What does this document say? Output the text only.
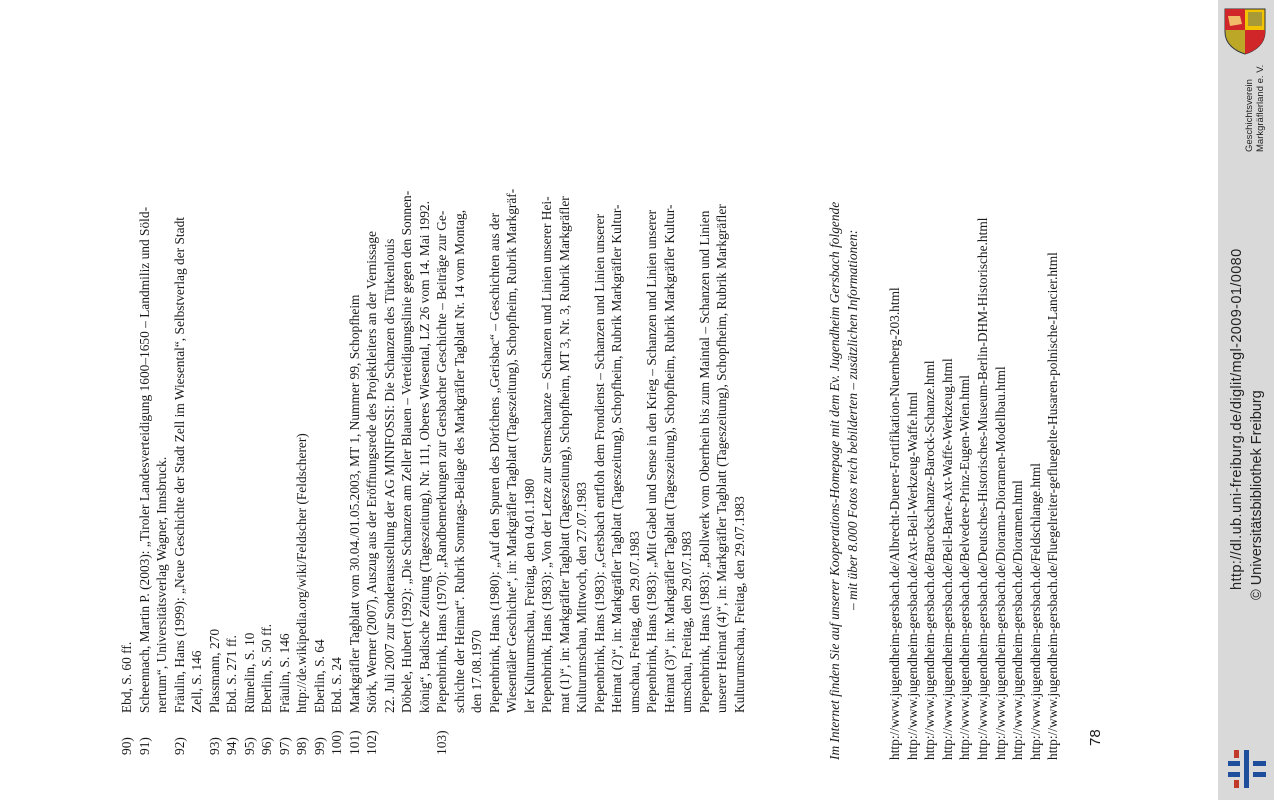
90)
Ebd, S. 60 ff.
91)
Scheennach, Martin P. (2003): „Tiroler Landesverteidigung 1600–1650 – Landmiliz und Söld- nertum“, Universitätsverlag Wagner, Innsbruck.
92)
Fräulin, Hans (1999): „Neue Geschichte der Stadt Zell im Wiesental“, Selbstverlag der Stadt Zell, S. 146
93)
Plassmann, 270
94)
Ebd. S. 271 ff.
95)
Rümelin, S. 10
96)
Eberlin, S. 50 ff.
97)
Fräulin, S. 146
98)
http://de.wikipedia.org/wiki/Feldscher (Feldscherer)
99)
Eberlin, S. 64
100)
Ebd. S. 24
101)
Markgräfler Tagblatt vom 30.04./01.05.2003, MT 1, Nummer 99, Schopfheim
102)
Störk, Werner (2007), Auszug aus der Eröffnungsrede des Projektleiters an der Vernissage 22. Juli 2007 zur Sonderausstellung der AG MINIFOSSI: Die Schanzen des Türkenlouis Döbele, Hubert (1992): „Die Schanzen am Zeller Blauen – Verteidigungslinie gegen den Sonnen- könig“, Badische Zeitung (Tageszeitung), Nr. 111, Oberes Wiesental, LZ 26 vom 14. Mai 1992.
103)
Piepenbrink, Hans (1970): „Randbemerkungen zur Gersbacher Geschichte – Beiträge zur Ge- schichte der Heimat“. Rubrik Sonntags-Beilage des Markgräfler Tagblatt Nr. 14 vom Montag, den 17.08.1970 Piepenbrink, Hans (1980): „Auf den Spuren des Dörfchens „Gerisbac“ – Geschichten aus der Wiesentäler Geschichte“, in: Markgräfler Tagblatt (Tageszeitung), Schopfheim, Rubrik Markgräf- ler Kulturumschau, Freitag, den 04.01.1980 Piepenbrink, Hans (1983): „Von der Letze zur Sternschanze – Schanzen und Linien unserer Hei- mat (1)“, in: Markgräfler Tagblatt (Tageszeitung), Schopfheim, MT 3, Nr. 3, Rubrik Markgräfler Kulturumschau, Mittwoch, den 27.07.1983 Piepenbrink, Hans (1983): „Gersbach entfloh dem Frondienst – Schanzen und Linien unserer Heimat (2)“, in: Markgräfler Tagblatt (Tageszeitung), Schopfheim, Rubrik Markgräfler Kultur- umschau, Freitag, den 29.07.1983 Piepenbrink, Hans (1983): „Mit Gabel und Sense in den Krieg – Schanzen und Linien unserer Heimat (3)“, in: Markgräfler Tagblatt (Tageszeitung), Schopfheim, Rubrik Markgräfler Kultur- umschau, Freitag, den 29.07.1983 Piepenbrink, Hans (1983): „Bollwerk vom Oberrhein bis zum Maintal – Schanzen und Linien unserer Heimat (4)“, in: Markgräfler Tagblatt (Tageszeitung), Schopfheim, Rubrik Markgräfler Kulturumschau, Freitag, den 29.07.1983	Im Internet finden Sie auf unserer Kooperations-Homepage mit dem Ev. Jugendheim Gersbach folgende – mit über 8.000 Fotos reich bebilderten – zusätzlichen Informationen: http://www.jugendheim-gersbach.de/Albrecht-Duerer-Fortifikation-Nuernberg-203.html http://www.jugendheim-gersbach.de/Axt-Beil-Werkzeug-Waffe.html http://www.jugendheim-gersbach.de/Barockschanze-Barock-Schanze.html http://www.jugendheim-gersbach.de/Beil-Barte-Axt-Waffe-Werkzeug.html http://www.jugendheim-gersbach.de/Belvedere-Prinz-Eugen-Wien.html http://www.jugendheim-gersbach.de/Deutsches-Historisches-Museum-Berlin-DHM-Historische.html http://www.jugendheim-gersbach.de/Diorama-Dioramen-Modellbau.html http://www.jugendheim-gersbach.de/Dioramen.html http://www.jugendheim-gersbach.de/Feldschlange.html http://www.jugendheim-gersbach.de/Fluegelreiter-gefluegelte-Husaren-polnische-Lancier.html 78
Geschichtsverein Markgräflerland e. V.
http://dl.ub.uni-freiburg.de/diglit/mgl-2009-01/0080 © Universitätsbibliothek Freiburg
